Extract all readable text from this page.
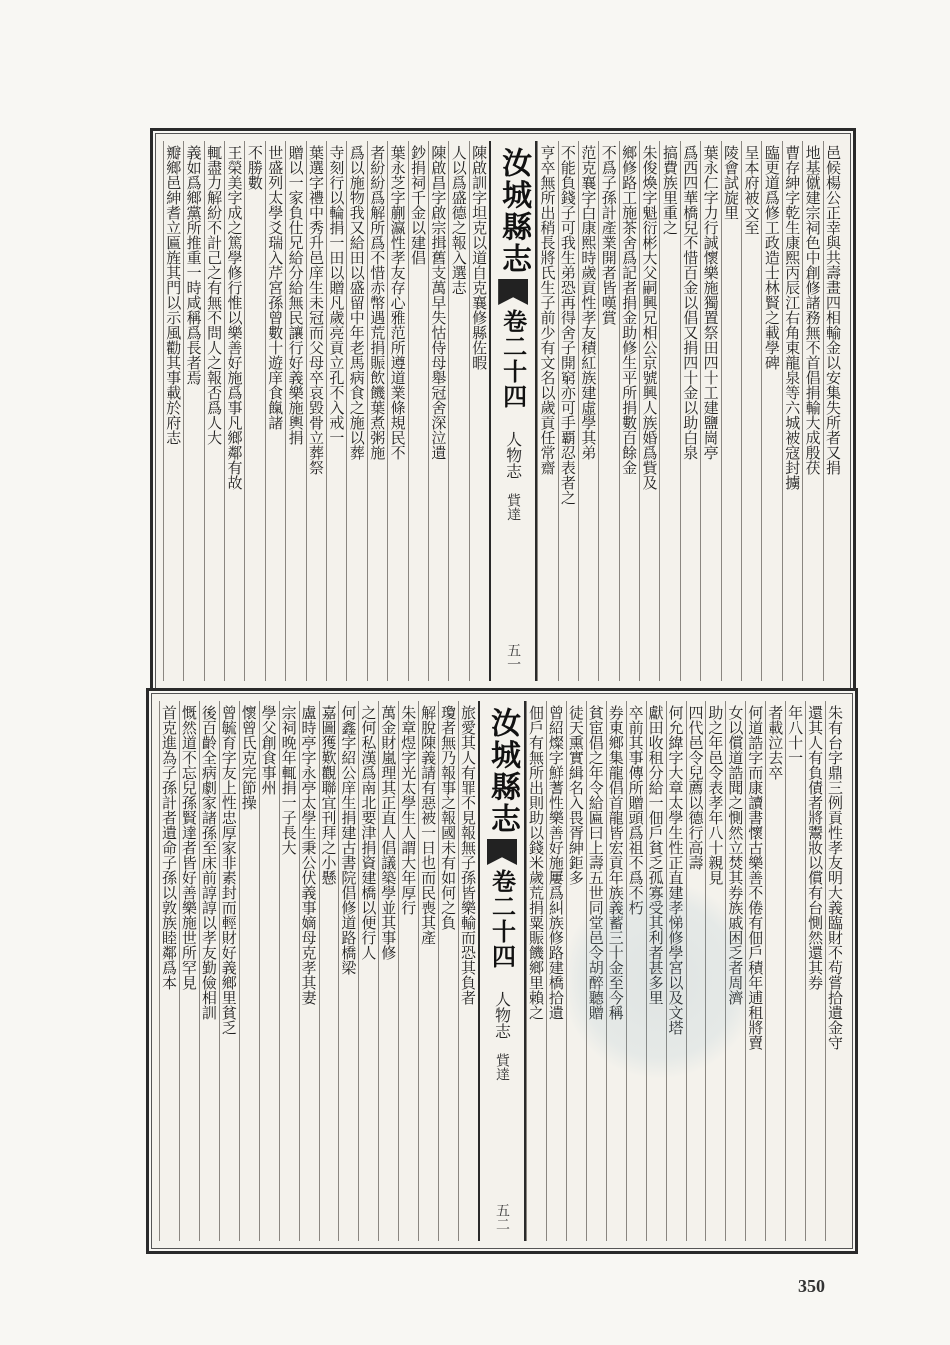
邑候楊公正幸與共壽畫四相輸金以安集失所者又捐
地基僦建宗祠色中創修諸務無不首倡捐輸大成殷茯
曹存紳字乾生康熙丙辰江右角東龍泉等六城被寇封擄
臨更道爲修工政造士林賢之載學碑
呈本府被文至
陵會試旋里
葉永仁字力行誠懷樂施獨置祭田四十工建鹽崗亭
爲西四華橋兒不惜百金以倡又捐四十金以助白泉
搞費族里重之
朱俊煥字魁衍彬大父嗣興兄相公京號興人族婚爲貲及
鄉修路工施茶舍爲記者捐金助修生平所捐數百餘金
不爲子孫計產業開者皆嘆賞
范克襄字白康熙時歲貢性孝友積紅族建虛學其弟
不能負錢子可我生弟恐再得舍子開窮亦可手覇忍表者之
亨卒無所出稍長將氏生子前少有文名以歲貢任常齋
汝城縣志
卷二十四
人物志
貲達
五一
陳啟訓字坦克以道自克襄修縣佐暇
人以爲盛德之報入選志
陳啟昌字啟宗揖舊支萬早失怙侍母舉冠舍深泣遺
鈔捐祠千金以建倡
葉永芝字蒯瀛性孝友存心雅范所遵道業條規民不
者紛紛爲解所爲不惜赤幣遇荒捐賑飲饑葉煮粥施
爲以施物我又給田以盛留中年老馬病食之施以葬
寺刻行以輪捐一田以贈凡歲亮貢立孔不入戒一
葉選字禮中秀升邑庠生未冠而父母卒哀毀骨立葬祭
贈以一家負仕兄給分給無民讓行好義樂施輿捐
世盛列太學爻瑞入芹宮孫曾數十遊庠食餼諸
不勝數
王榮美字成之篤學修行惟以樂善好施爲事凡鄉鄰有故
輒盡力解紛不計己之有無不問人之報否爲人大
義如爲鄉黨所推重一時咸稱爲長者焉
瓣鄉邑紳耆立匾旌其門以示風勸其事載於府志
朱有台字鼎三例貢性孝友明大義臨財不苟嘗拾遺金守
還其人有負債者將鬻妝以償有台惻然還其券
年八十一
者載泣去卒
何道誥字而康讀書懷古樂善不倦有佃戶積年逋租將賣
女以償道誥聞之惻然立焚其券族戚困乏者周濟
助之年邑令表孝年八十親見
四代邑令兒薦以德行高壽
何允緯字大章太學生性正直建孝悌修學宮以及文塔
獻田收租分給一佃戶貧乏孤寡受其利者甚多里
卒前其事傳所贈頭爲祖不爲不朽
券東鄉集龍倡首龍皆宏貢年族義蓄三十金至今稱
貧宦倡之年令給匾曰上壽五世同堂邑令胡醉聽贈
徒天熏實緝名入畏胥紳鉅多
曾紹燦字鮮蓍性樂善好施屢爲糾族修路建橋拾遺
佃戶有無所出則助以錢米歲荒捐粟賑饑鄉里賴之
汝城縣志
卷二十四
人物志
貲達
五二
旅愛其人有罪不見報無子孫皆樂輸而恐其負者
瓊者無乃報事之報國未有如何之負
解脫陳義請有惡被一日也而民喪其產
朱章煜字光太學生人謂大年厚行
萬金財嵐理其正直人倡議築學並其事修
之何私漢爲南北要津捐資建橋以便行人
何鑫字紹公庠生捐建古書院倡修道路橋梁
嘉圖獲歎觀聯宜刊拜之小懸
盧時亭字永亭太學生秉公伏義事嫡母克孝其妻
宗祠晚年輒捐一子長大
學父創食事州
懷曾氏克完節操
曾毓育字友上性忠厚家非素封而輕財好義鄉里貧乏
後百齡全病劇家諸孫至床前諄諄以孝友勤儉相訓
慨然道不忘兒孫賢達者皆好善樂施世所罕見
首克進為子孫計者遺命子孫以敦族睦鄰爲本
350
